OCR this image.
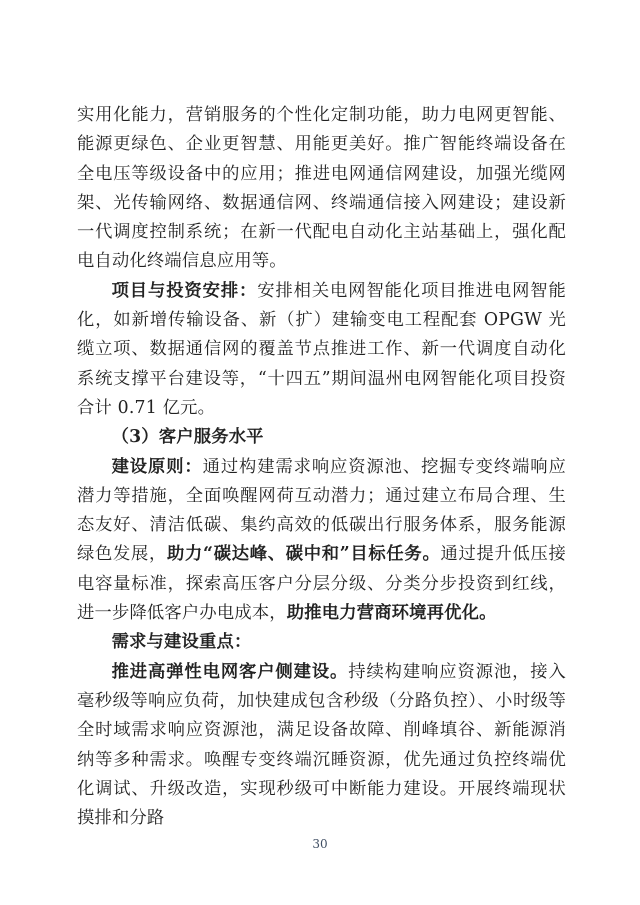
实用化能力，营销服务的个性化定制功能，助力电网更智能、能源更绿色、企业更智慧、用能更美好。推广智能终端设备在全电压等级设备中的应用；推进电网通信网建设，加强光缆网架、光传输网络、数据通信网、终端通信接入网建设；建设新一代调度控制系统；在新一代配电自动化主站基础上，强化配电自动化终端信息应用等。

项目与投资安排：安排相关电网智能化项目推进电网智能化，如新增传输设备、新（扩）建输变电工程配套 OPGW 光缆立项、数据通信网的覆盖节点推进工作、新一代调度自动化系统支撑平台建设等，“十四五”期间温州电网智能化项目投资合计 0.71 亿元。

（3）客户服务水平

建设原则：通过构建需求响应资源池、挖掘专变终端响应潜力等措施，全面唤醒网荷互动潜力；通过建立布局合理、生态友好、清洁低碳、集约高效的低碳出行服务体系，服务能源绿色发展，助力“碳达峰、碳中和”目标任务。通过提升低压接电容量标准，探索高压客户分层分级、分类分步投资到红线，进一步降低客户办电成本，助推电力营商环境再优化。

需求与建设重点：

推进高弹性电网客户侧建设。持续构建响应资源池，接入毫秒级等响应负荷，加快建成包含秒级（分路负控）、小时级等全时域需求响应资源池，满足设备故障、削峰填谷、新能源消纳等多种需求。唤醒专变终端沉睡资源，优先通过负控终端优化调试、升级改造，实现秒级可中断能力建设。开展终端现状摸排和分路

30
